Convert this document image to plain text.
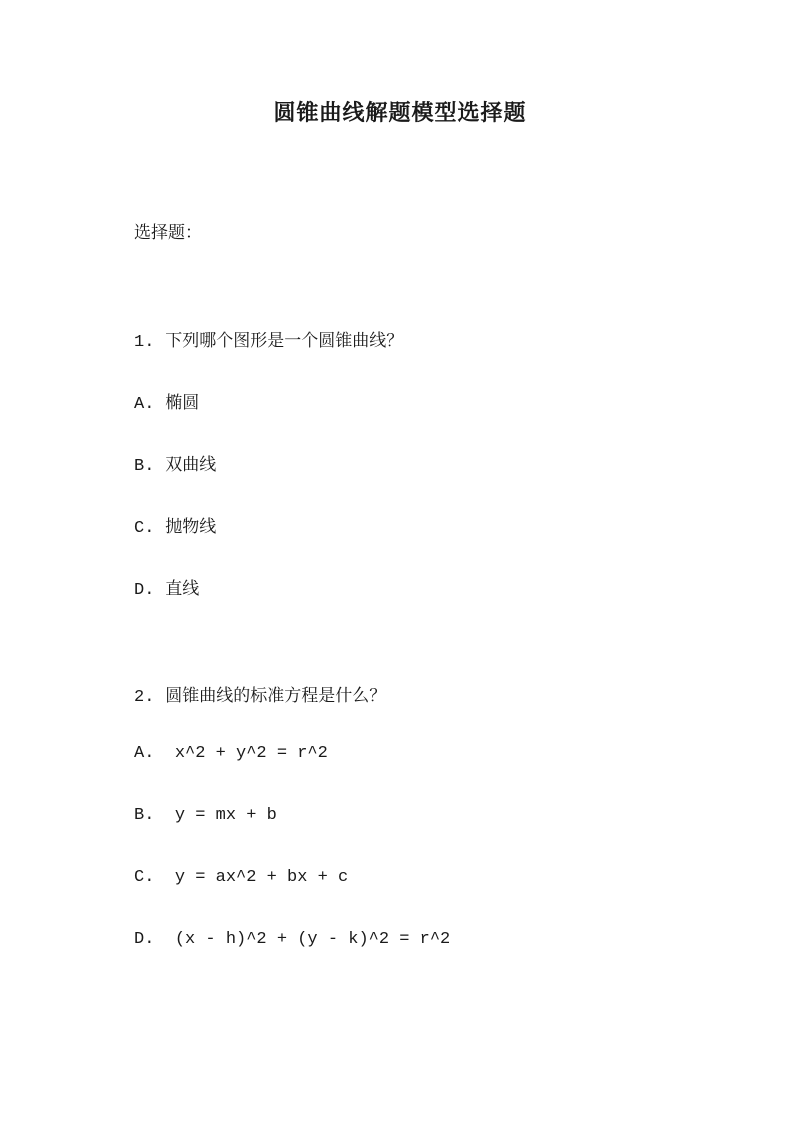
圆锥曲线解题模型选择题
选择题：
1. 下列哪个图形是一个圆锥曲线？
A. 椭圆
B. 双曲线
C. 抛物线
D. 直线
2. 圆锥曲线的标准方程是什么？
A. x^2 + y^2 = r^2
B. y = mx + b
C. y = ax^2 + bx + c
D. (x - h)^2 + (y - k)^2 = r^2
